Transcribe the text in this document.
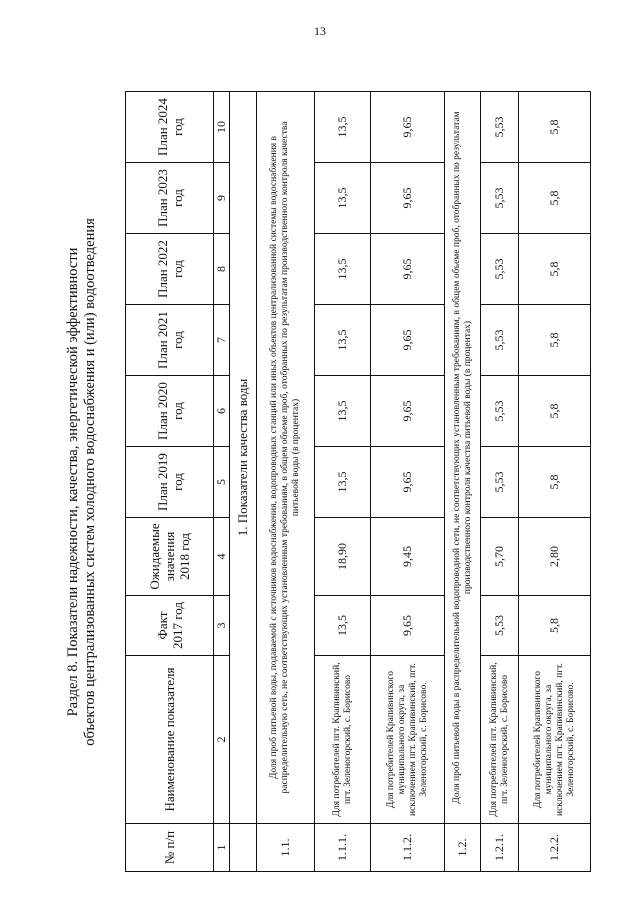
13
Раздел 8. Показатели надежности, качества, энергетической эффективности объектов централизованных систем холодного водоснабжения и (или) водоотведения
№ п/п	Наименование показателя	Факт 2017 год	Ожидаемые значения 2018 год	План 2019 год	План 2020 год	План 2021 год	План 2022 год	План 2023 год	План 2024 год
1	2	3	4	5	6	7	8	9	10
	1. Показатели качества воды								
1.1.	Доля проб питьевой воды, подаваемой с источников водоснабжения, водопроводных станций или иных объектов централизованной системы водоснабжения в распределительную сеть, не соответствующих установленным требованиям, в общем объеме проб, отобранных по результатам производственного контроля качества питьевой воды (в процентах)								
1.1.1.	Для потребителей пгт. Крапивинский, пгт. Зеленогорский, с. Борисово	13,5	18,90	13,5	13,5	13,5	13,5	13,5	13,5
1.1.2.	Для потребителей Крапивинского муниципального округа, за исключением пгт. Крапивинский, пгт. Зеленогорский, с. Борисово.	9,65	9,45	9,65	9,65	9,65	9,65	9,65	9,65
1.2.	Доля проб питьевой воды в распределительной водопроводной сети, не соответствующих установленным требованиям, в общем объеме проб, отобранных по результатам производственного контроля качества питьевой воды (в процентах)								
1.2.1.	Для потребителей пгт. Крапивинский, пгт. Зеленогорский, с. Борисово	5,53	5,70	5,53	5,53	5,53	5,53	5,53	5,53
1.2.2.	Для потребителей Крапивинского муниципального округа, за исключением пгт. Крапивинский, пгт. Зеленогорский, с. Борисово.	5,8	2,80	5,8	5,8	5,8	5,8	5,8	5,8
